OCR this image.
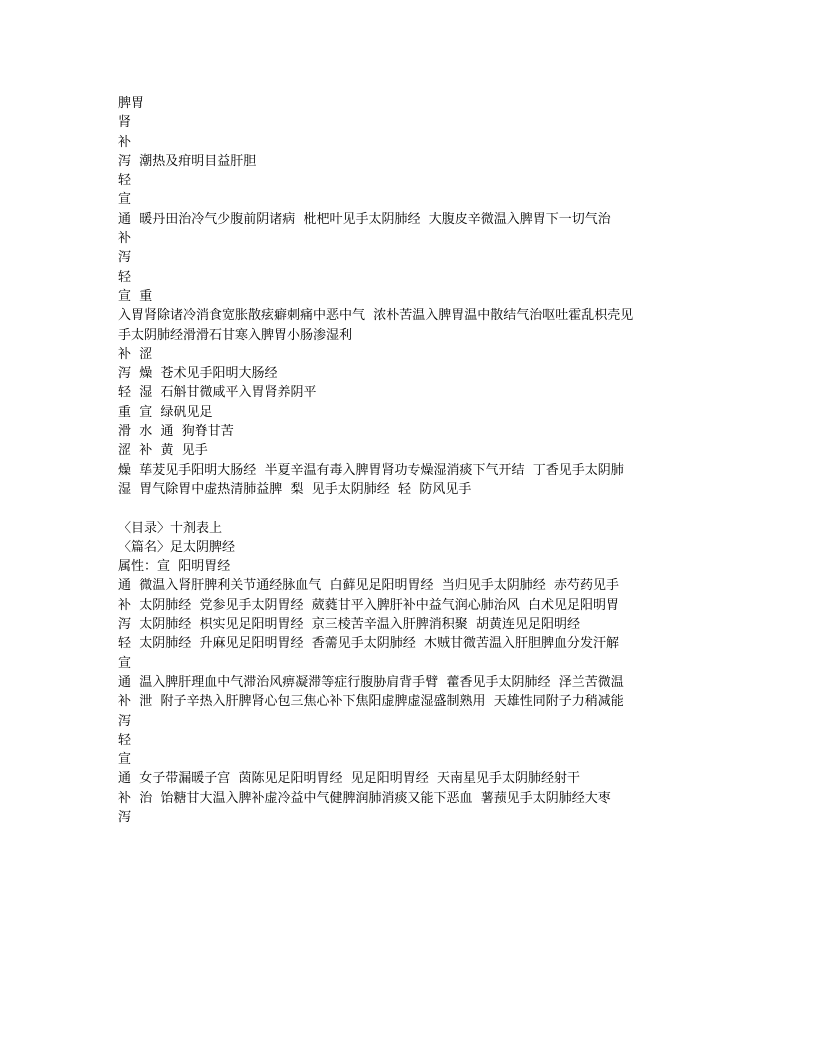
脾胃

肾

补

泻  潮热及疳明目益肝胆

轻

宣

通  暖丹田治冷气少腹前阴诸病  枇杷叶见手太阴肺经  大腹皮辛微温入脾胃下一切气治

补

泻

轻

宣  重

入胃肾除诸冷消食宽胀散痃癖刺痛中恶中气  浓朴苦温入脾胃温中散结气治呕吐霍乱枳壳见手太阴肺经滑滑石甘寒入脾胃小肠渗湿利

补  涩

泻  燥  苍术见手阳明大肠经

轻  湿  石斛甘微咸平入胃肾养阴平

重  宣  绿矾见足

滑  水  通  狗脊甘苦

涩  补  黄  见手

燥  荜茇见手阳明大肠经  半夏辛温有毒入脾胃肾功专燥湿消痰下气开结  丁香见手太阴肺

湿  胃气除胃中虚热清肺益脾  梨  见手太阴肺经  轻  防风见手

〈目录〉十剂表上

〈篇名〉足太阴脾经

属性：宣  阳明胃经

通  微温入肾肝脾利关节通经脉血气  白藓见足阳明胃经  当归见手太阴肺经  赤芍药见手

补  太阴肺经  党参见手太阴胃经  葳蕤甘平入脾肝补中益气润心肺治风  白术见足阳明胃

泻  太阴肺经  枳实见足阳明胃经  京三棱苦辛温入肝脾消积聚  胡黄连见足阳明经

轻  太阴肺经  升麻见足阳明胃经  香薷见手太阴肺经  木贼甘微苦温入肝胆脾血分发汗解

宣

通  温入脾肝理血中气滞治风痹凝滞等症行腹胁肩背手臂  藿香见手太阴肺经  泽兰苦微温

补  泄  附子辛热入肝脾肾心包三焦心补下焦阳虚脾虚湿盛制熟用  天雄性同附子力稍减能

泻

轻

宣

通  女子带漏暖子宫  茵陈见足阳明胃经  见足阳明胃经  天南星见手太阴肺经射干

补  治  饴糖甘大温入脾补虚冷益中气健脾润肺消痰又能下恶血  薯蓣见手太阴肺经大枣

泻
